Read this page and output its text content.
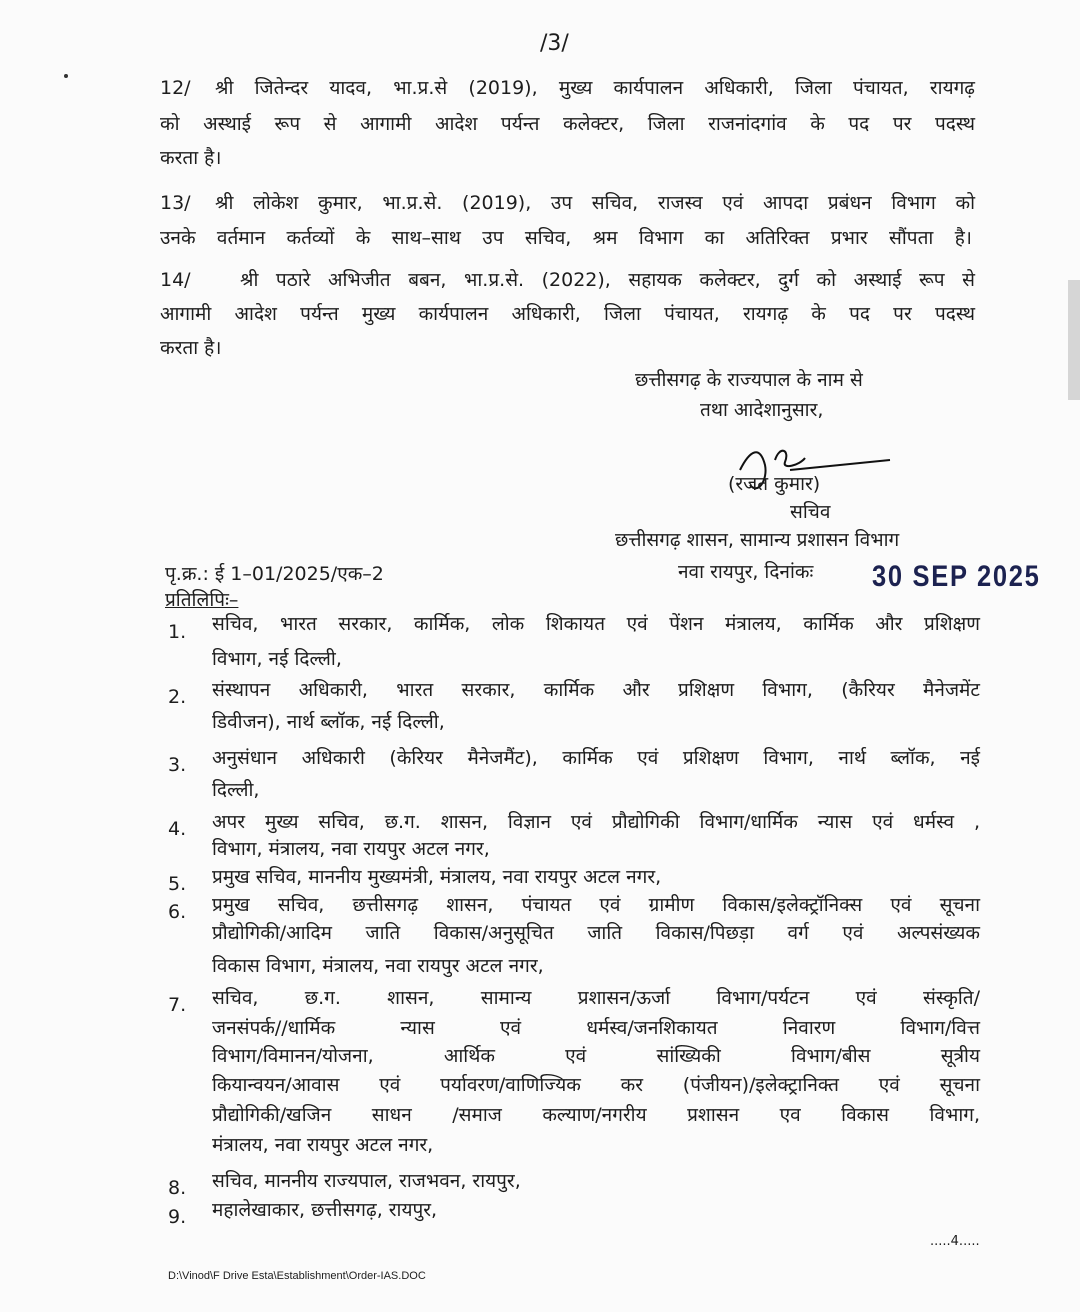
/3/
12/ श्री जितेन्दर यादव, भा.प्र.से (2019), मुख्य कार्यपालन अधिकारी, जिला पंचायत, रायगढ़
को अस्थाई रूप से आगामी आदेश पर्यन्त कलेक्टर, जिला राजनांदगांव के पद पर पदस्थ
करता है।
13/ श्री लोकेश कुमार, भा.प्र.से. (2019), उप सचिव, राजस्व एवं आपदा प्रबंधन विभाग को
उनके वर्तमान कर्तव्यों के साथ–साथ उप सचिव, श्रम विभाग का अतिरिक्त प्रभार सौंपता है।
14/	श्री पठारे अभिजीत बबन, भा.प्र.से. (2022), सहायक कलेक्टर, दुर्ग को अस्थाई रूप से
आगामी आदेश पर्यन्त मुख्य कार्यपालन अधिकारी, जिला पंचायत, रायगढ़ के पद पर पदस्थ
करता है।
छत्तीसगढ़ के राज्यपाल के नाम से
तथा आदेशानुसार,
(रजत कुमार)
सचिव
छत्तीसगढ़ शासन, सामान्य प्रशासन विभाग
पृ.क्र.: ई 1–01/2025/एक–2	नवा रायपुर, दिनांकः 30 SEP 2025
प्रतिलिपिः–
1. सचिव, भारत सरकार, कार्मिक, लोक शिकायत एवं पेंशन मंत्रालय, कार्मिक और प्रशिक्षण
विभाग, नई दिल्ली,
2. संस्थापन अधिकारी, भारत सरकार, कार्मिक और प्रशिक्षण विभाग, (कैरियर मैनेजमेंट
डिवीजन), नार्थ ब्लॉक, नई दिल्ली,
3. अनुसंधान अधिकारी (केरियर मैनेजमैंट), कार्मिक एवं प्रशिक्षण विभाग, नार्थ ब्लॉक, नई
दिल्ली,
4. अपर मुख्य सचिव, छ.ग. शासन, विज्ञान एवं प्रौद्योगिकी विभाग/धार्मिक न्यास एवं धर्मस्व ,
विभाग, मंत्रालय, नवा रायपुर अटल नगर,
5. प्रमुख सचिव, माननीय मुख्यमंत्री, मंत्रालय, नवा रायपुर अटल नगर,
6. प्रमुख सचिव, छत्तीसगढ़ शासन, पंचायत एवं ग्रामीण विकास/इलेक्ट्रॉनिक्स एवं सूचना
प्रौद्योगिकी/आदिम जाति विकास/अनुसूचित जाति विकास/पिछड़ा वर्ग एवं अल्पसंख्यक
विकास विभाग, मंत्रालय, नवा रायपुर अटल नगर,
7. सचिव, छ.ग. शासन, सामान्य प्रशासन/ऊर्जा विभाग/पर्यटन एवं संस्कृति/
जनसंपर्क//धार्मिक न्यास एवं धर्मस्व/जनशिकायत निवारण विभाग/वित्त
विभाग/विमानन/योजना, आर्थिक एवं सांख्यिकी विभाग/बीस सूत्रीय
कियान्वयन/आवास एवं पर्यावरण/वाणिज्यिक कर (पंजीयन)/इलेक्ट्रानिक्त एवं सूचना
प्रौद्योगिकी/खजिन साधन /समाज कल्याण/नगरीय प्रशासन एव विकास विभाग,
मंत्रालय, नवा रायपुर अटल नगर,
8. सचिव, माननीय राज्यपाल, राजभवन, रायपुर,
9. महालेखाकार, छत्तीसगढ़, रायपुर,
.....4.....
D:\Vinod\F Drive Esta\Establishment\Order-IAS.DOC
